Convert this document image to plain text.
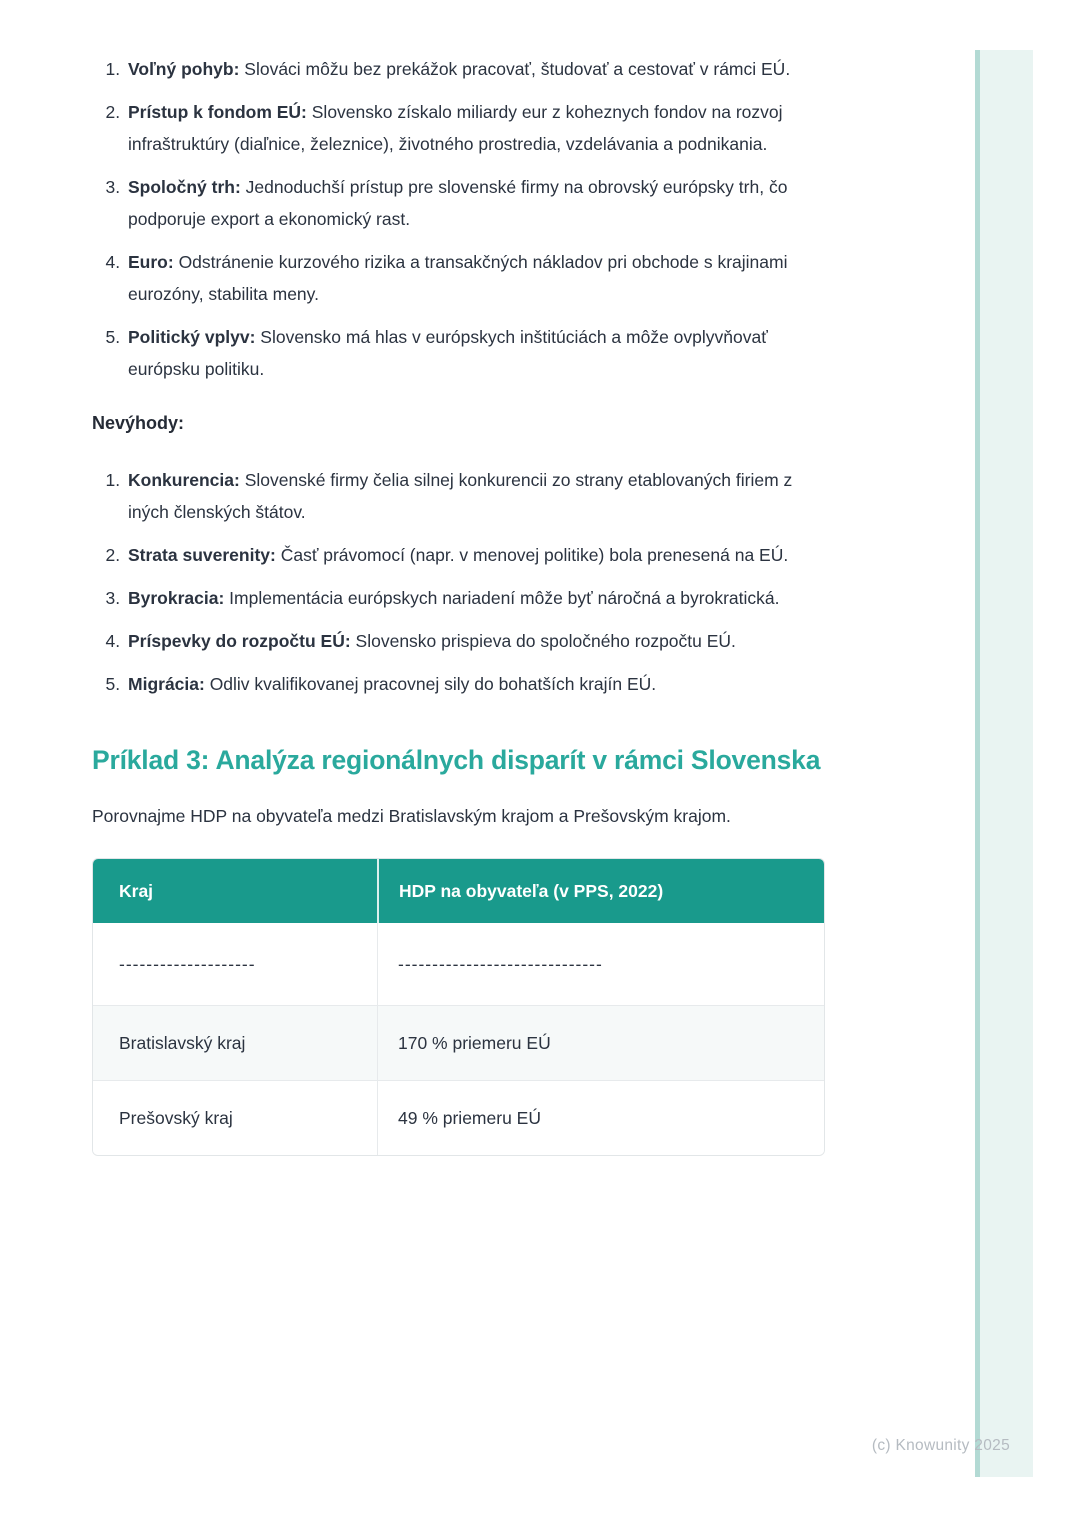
1. Voľný pohyb: Slováci môžu bez prekážok pracovať, študovať a cestovať v rámci EÚ.
2. Prístup k fondom EÚ: Slovensko získalo miliardy eur z koheznych fondov na rozvoj infraštruktúry (diaľnice, železnice), životného prostredia, vzdelávania a podnikania.
3. Spoločný trh: Jednoduchší prístup pre slovenské firmy na obrovský európsky trh, čo podporuje export a ekonomický rast.
4. Euro: Odstránenie kurzového rizika a transakčných nákladov pri obchode s krajinami eurozóny, stabilita meny.
5. Politický vplyv: Slovensko má hlas v európskych inštitúciách a môže ovplyvňovať európsku politiku.
Nevýhody:
1. Konkurencia: Slovenské firmy čelia silnej konkurencii zo strany etablovaných firiem z iných členských štátov.
2. Strata suverenity: Časť právomocí (napr. v menovej politike) bola prenesená na EÚ.
3. Byrokracia: Implementácia európskych nariadení môže byť náročná a byrokratická.
4. Príspevky do rozpočtu EÚ: Slovensko prispieva do spoločného rozpočtu EÚ.
5. Migrácia: Odliv kvalifikovanej pracovnej sily do bohatších krajín EÚ.
Príklad 3: Analýza regionálnych disparít v rámci Slovenska

Porovnajme HDP na obyvateľa medzi Bratislavským krajom a Prešovským krajom.

Kraj	HDP na obyvateľa (v PPS, 2022)
--------------------	------------------------------
Bratislavský kraj	170 % priemeru EÚ
Prešovský kraj	49 % priemeru EÚ
(c) Knowunity 2025
